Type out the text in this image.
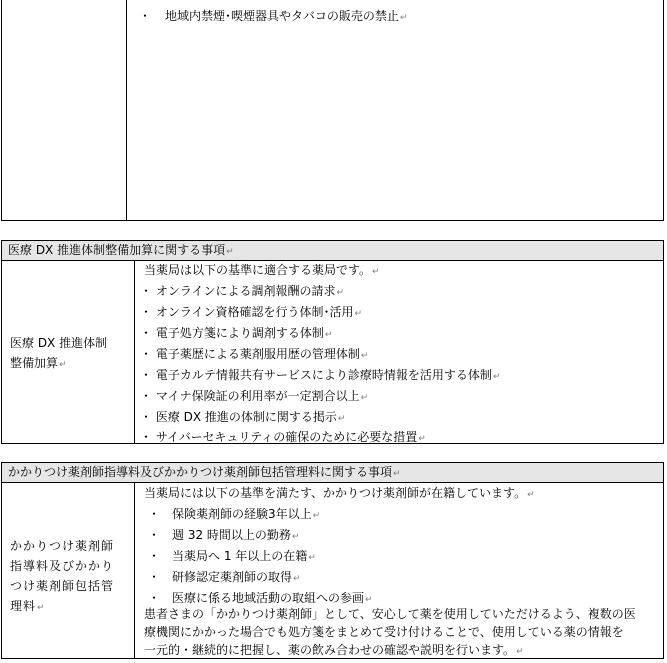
・ 地域内禁煙･喫煙器具やタバコの販売の禁止↵
医療 DX 推進体制整備加算に関する事項↵
医療 DX 推進体制
整備加算↵
当薬局は以下の基準に適合する薬局です。↵
・ オンラインによる調剤報酬の請求↵
・ オンライン資格確認を行う体制･活用↵
・ 電子処方箋により調剤する体制↵
・ 電子薬歴による薬剤服用歴の管理体制↵
・ 電子カルテ情報共有サービスにより診療時情報を活用する体制↵
・ マイナ保険証の利用率が一定割合以上↵
・ 医療 DX 推進の体制に関する掲示↵
・ サイバーセキュリティの確保のために必要な措置↵
かかりつけ薬剤師指導料及びかかりつけ薬剤師包括管理料に関する事項↵
かかりつけ薬剤師
指導料及びかかり
つけ薬剤師包括管
理料↵
当薬局には以下の基準を満たす、かかりつけ薬剤師が在籍しています。↵
・　保険薬剤師の経験3年以上↵
・　週 32 時間以上の勤務↵
・　当薬局へ 1 年以上の在籍↵
・　研修認定薬剤師の取得↵
・　医療に係る地域活動の取組への参画↵
患者さまの「かかりつけ薬剤師」として、安心して薬を使用していただけるよう、複数の医
療機関にかかった場合でも処方箋をまとめて受け付けることで、使用している薬の情報を
一元的・継続的に把握し、薬の飲み合わせの確認や説明を行います。↵
